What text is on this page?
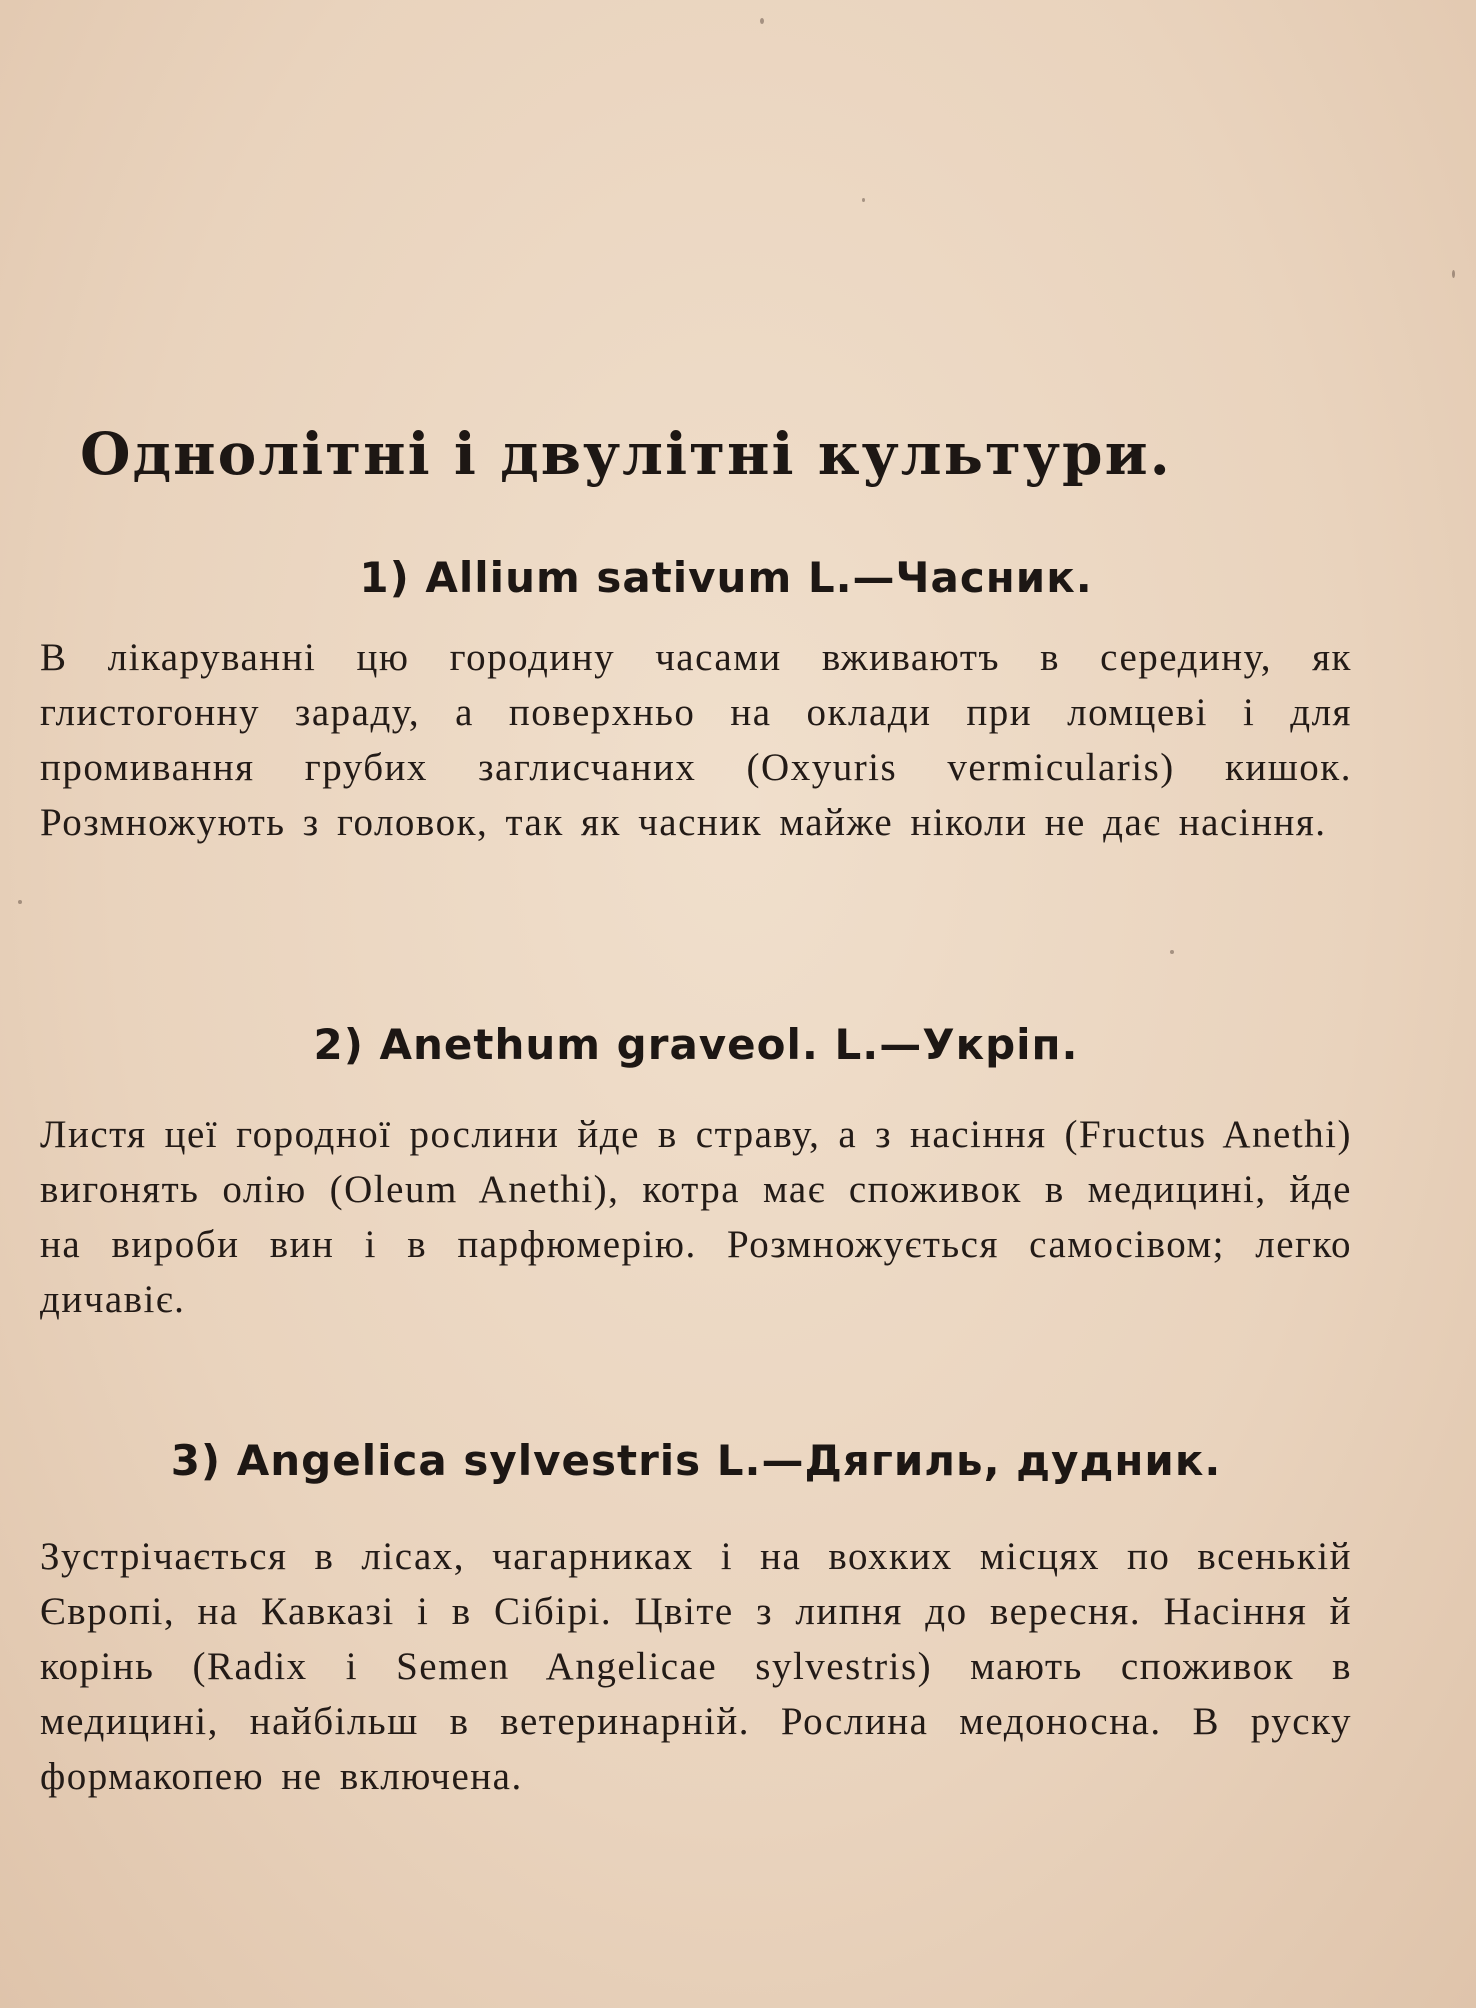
Однолітні і двулітні культури.
1) Allium sativum L.—Часник.

В лікаруванні цю городину часами вживаютъ в середину, як глистогонну зараду, а поверхньо на оклади при ломцеві і для промивання грубих заглисчаних (Oxyuris vermicularis) кишок. Розмножують з головок, так як часник майже ніколи не дає насіння.

2) Anethum graveol. L.—Укріп.

Листя цеї городної рослини йде в страву, а з насіння (Fructus Anethi) вигонять олію (Oleum Anethi), котра має споживок в медицині, йде на вироби вин і в парфюмерію. Розмножується самосівом; легко дичавіє.

3) Angelica sylvestris L.—Дягиль, дудник.

Зустрічається в лісах, чагарниках і на вохких місцях по всенькій Європі, на Кавказі і в Сібірі. Цвіте з липня до вересня. Насіння й корінь (Radix і Semen Angelicae sylvestris) мають споживок в медицині, найбільш в ветеринарній. Рослина медоносна. В руску формакопею не включена.
